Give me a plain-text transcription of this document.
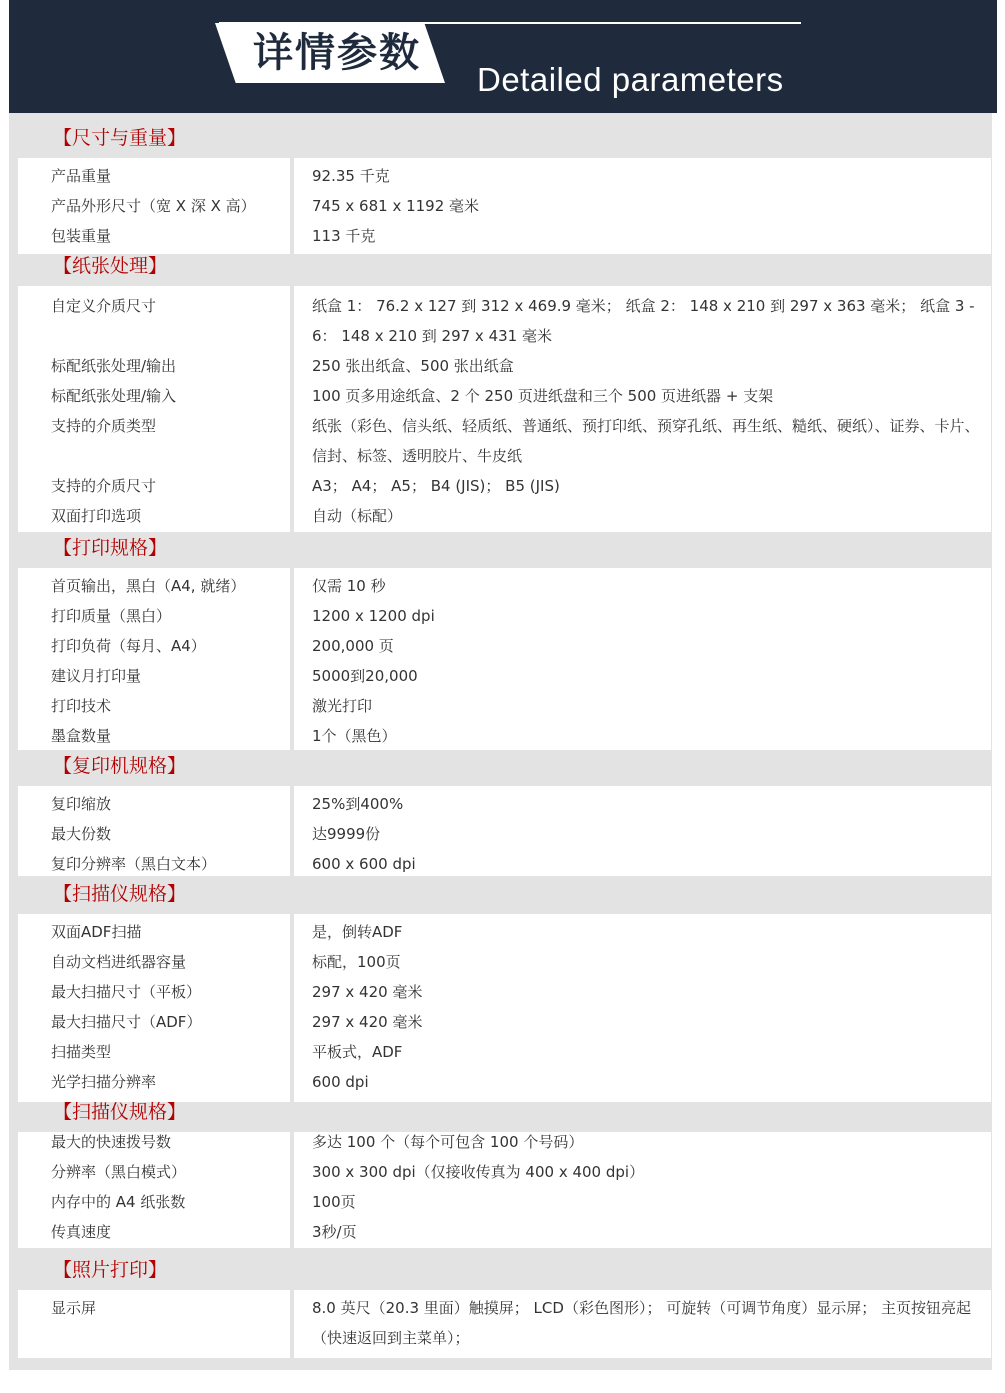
详情参数
Detailed parameters
【尺寸与重量】
产品重量	92.35 千克
产品外形尺寸（宽 X 深 X 高）	745 x 681 x 1192 毫米
包装重量	113 千克
【纸张处理】
自定义介质尺寸	纸盒 1： 76.2 x 127 到 312 x 469.9 毫米； 纸盒 2： 148 x 210 到 297 x 363 毫米； 纸盒 3 - 6： 148 x 210 到 297 x 431 毫米
标配纸张处理/输出	250 张出纸盒、500 张出纸盒
标配纸张处理/输入	100 页多用途纸盒、2 个 250 页进纸盘和三个 500 页进纸器 + 支架
支持的介质类型	纸张（彩色、信头纸、轻质纸、普通纸、预打印纸、预穿孔纸、再生纸、糙纸、硬纸）、证券、卡片、信封、标签、透明胶片、牛皮纸
支持的介质尺寸	A3； A4； A5； B4 (JIS)； B5 (JIS)
双面打印选项	自动（标配）
【打印规格】
首页输出，黑白（A4, 就绪）	仅需 10 秒
打印质量（黑白）	1200 x 1200 dpi
打印负荷（每月、A4）	200,000 页
建议月打印量	5000到20,000
打印技术	激光打印
墨盒数量	1个（黑色）
【复印机规格】
复印缩放	25%到400%
最大份数	达9999份
复印分辨率（黑白文本）	600 x 600 dpi
【扫描仪规格】
双面ADF扫描	是，倒转ADF
自动文档进纸器容量	标配，100页
最大扫描尺寸（平板）	297 x 420 毫米
最大扫描尺寸（ADF）	297 x 420 毫米
扫描类型	平板式，ADF
光学扫描分辨率	600 dpi
【扫描仪规格】
最大的快速拨号数	多达 100 个（每个可包含 100 个号码）
分辨率（黑白模式）	300 x 300 dpi（仅接收传真为 400 x 400 dpi）
内存中的 A4 纸张数	100页
传真速度	3秒/页
【照片打印】
显示屏	8.0 英尺（20.3 里面）触摸屏； LCD（彩色图形）； 可旋转（可调节角度）显示屏； 主页按钮亮起（快速返回到主菜单）；
